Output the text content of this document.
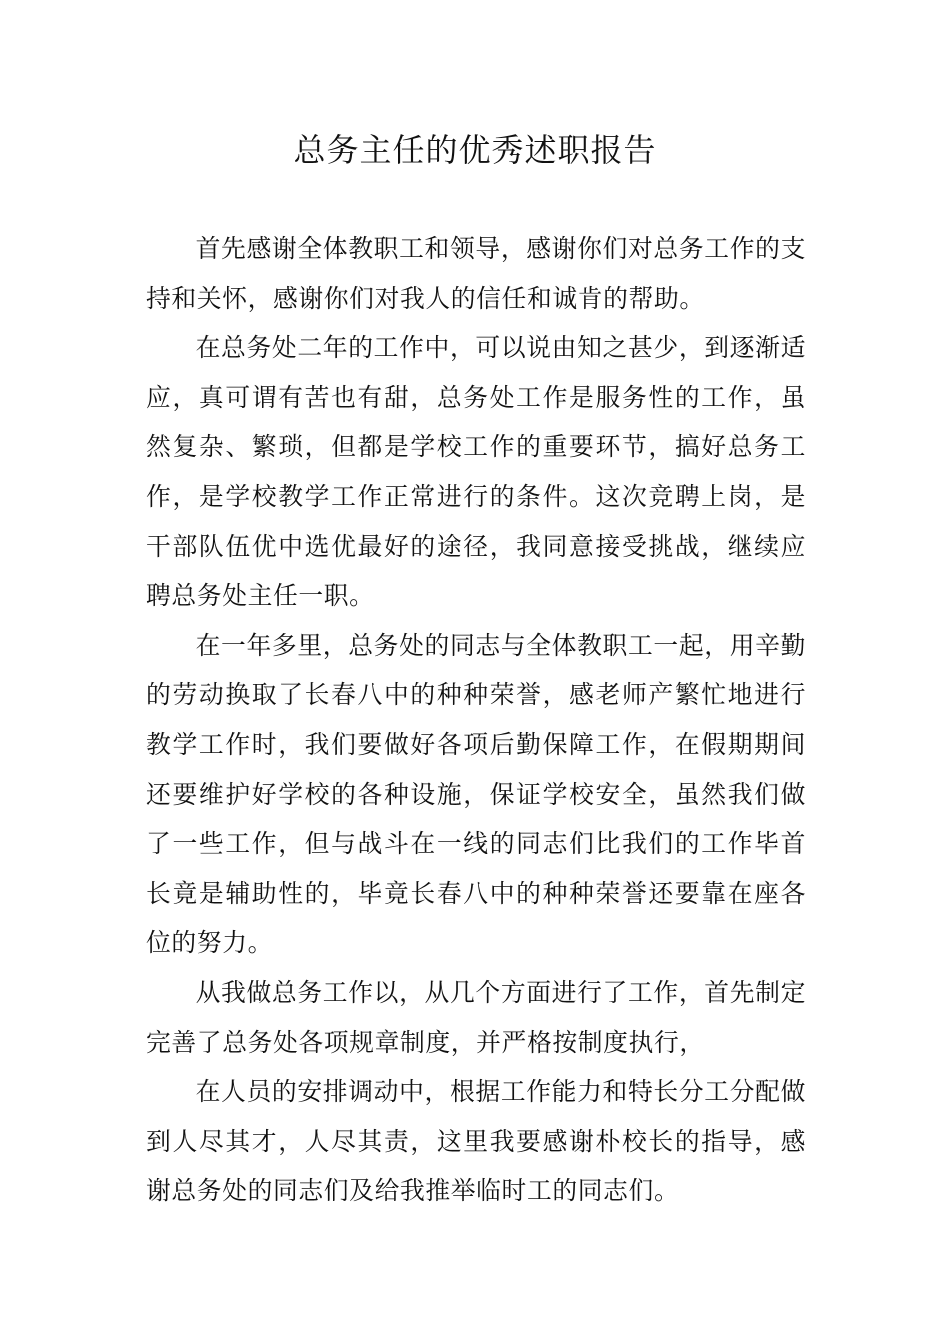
总务主任的优秀述职报告

首先感谢全体教职工和领导，感谢你们对总务工作的支持和关怀，感谢你们对我人的信任和诚肯的帮助。

在总务处二年的工作中，可以说由知之甚少，到逐渐适应，真可谓有苦也有甜，总务处工作是服务性的工作，虽然复杂、繁琐，但都是学校工作的重要环节，搞好总务工作，是学校教学工作正常进行的条件。这次竞聘上岗，是干部队伍优中选优最好的途径，我同意接受挑战，继续应聘总务处主任一职。

在一年多里，总务处的同志与全体教职工一起，用辛勤的劳动换取了长春八中的种种荣誉，感老师产繁忙地进行教学工作时，我们要做好各项后勤保障工作，在假期期间还要维护好学校的各种设施，保证学校安全，虽然我们做了一些工作，但与战斗在一线的同志们比我们的工作毕首长竟是辅助性的，毕竟长春八中的种种荣誉还要靠在座各位的努力。

从我做总务工作以，从几个方面进行了工作，首先制定完善了总务处各项规章制度，并严格按制度执行，

在人员的安排调动中，根据工作能力和特长分工分配做到人尽其才，人尽其责，这里我要感谢朴校长的指导，感谢总务处的同志们及给我推举临时工的同志们。
